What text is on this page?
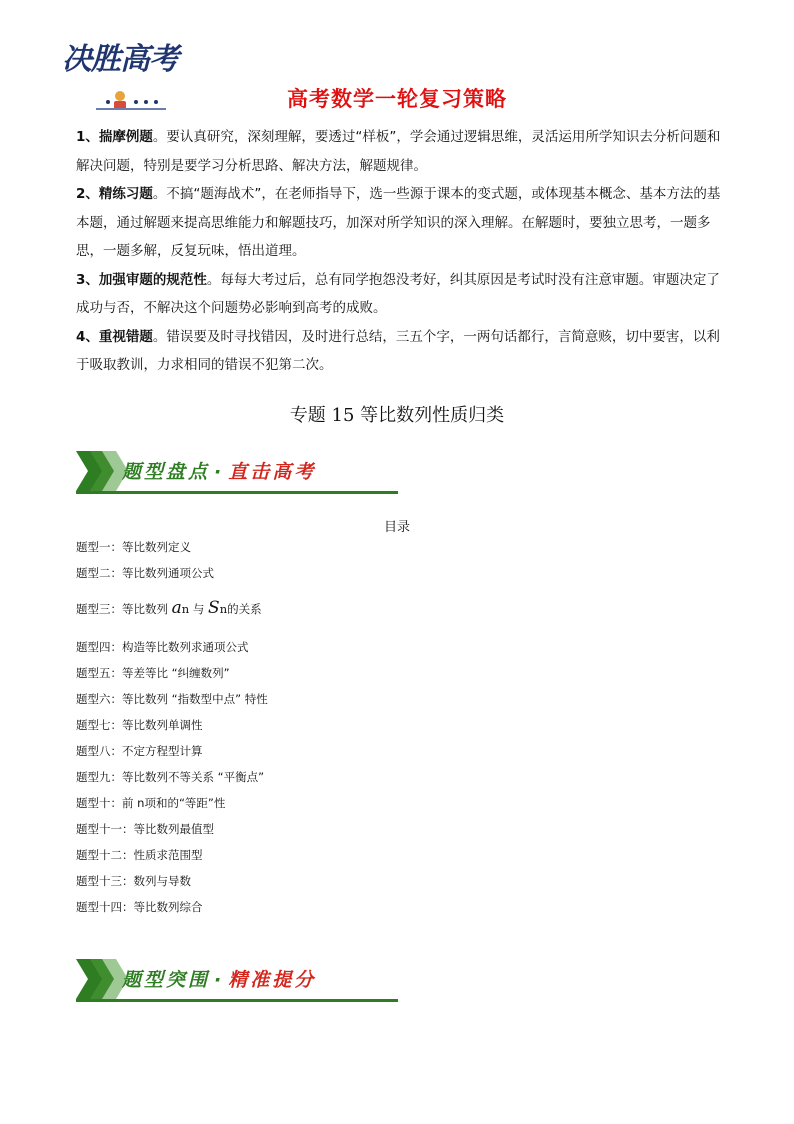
决胜高考
高考数学一轮复习策略

1、揣摩例题。要认真研究，深刻理解，要透过“样板”，学会通过逻辑思维，灵活运用所学知识去分析问题和解决问题，特别是要学习分析思路、解决方法，解题规律。

2、精练习题。不搞“题海战术”，在老师指导下，选一些源于课本的变式题，或体现基本概念、基本方法的基本题，通过解题来提高思维能力和解题技巧，加深对所学知识的深入理解。在解题时，要独立思考，一题多思，一题多解，反复玩味，悟出道理。

3、加强审题的规范性。每每大考过后，总有同学抱怨没考好，纠其原因是考试时没有注意审题。审题决定了成功与否，不解决这个问题势必影响到高考的成败。

4、重视错题。错误要及时寻找错因，及时进行总结，三五个字，一两句话都行，言简意赅，切中要害，以利于吸取教训，力求相同的错误不犯第二次。

专题 15 等比数列性质归类
题型盘点 · 直击高考
目录
题型一：等比数列定义
题型二：等比数列通项公式
题型三：等比数列 an 与 Sn的关系
题型四：构造等比数列求通项公式
题型五：等差等比 “纠缠数列”
题型六：等比数列 “指数型中点” 特性
题型七：等比数列单调性
题型八：不定方程型计算
题型九：等比数列不等关系 “平衡点”
题型十：前 n项和的“等距”性
题型十一：等比数列最值型
题型十二：性质求范围型
题型十三：数列与导数
题型十四：等比数列综合
题型突围 · 精准提分
